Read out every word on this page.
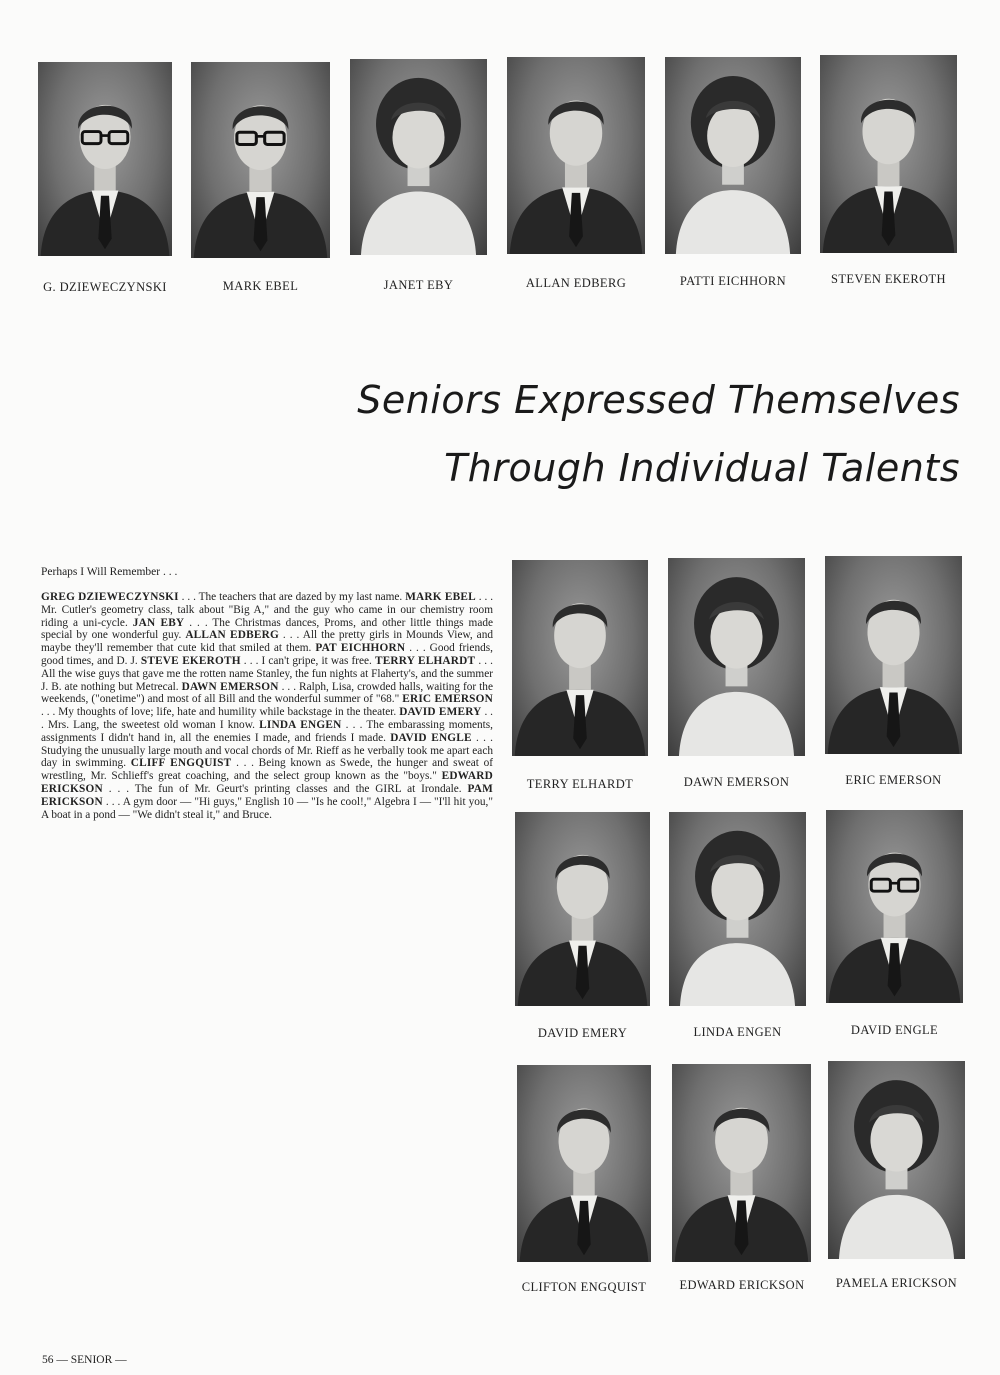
G. DZIEWECZYNSKI	MARK EBEL	JANET EBY	ALLAN EDBERG	PATTI EICHHORN	STEVEN EKEROTH
Seniors Expressed Themselves
Through Individual Talents
Perhaps I Will Remember . . .
GREG DZIEWECZYNSKI . . . The teachers that are dazed by my last name. MARK EBEL . . . Mr. Cutler's geometry class, talk about "Big A," and the guy who came in our chemistry room riding a uni-cycle. JAN EBY . . . The Christmas dances, Proms, and other little things made special by one wonderful guy. ALLAN EDBERG . . . All the pretty girls in Mounds View, and maybe they'll remember that cute kid that smiled at them. PAT EICHHORN . . . Good friends, good times, and D. J. STEVE EKEROTH . . . I can't gripe, it was free. TERRY ELHARDT . . . All the wise guys that gave me the rotten name Stanley, the fun nights at Flaherty's, and the summer J. B. ate nothing but Metrecal. DAWN EMERSON . . . Ralph, Lisa, crowded halls, waiting for the weekends, ("onetime") and most of all Bill and the wonderful summer of "68." ERIC EMERSON . . . My thoughts of love; life, hate and humility while backstage in the theater. DAVID EMERY . . . Mrs. Lang, the sweetest old woman I know. LINDA ENGEN . . . The embarassing moments, assignments I didn't hand in, all the enemies I made, and friends I made. DAVID ENGLE . . . Studying the unusually large mouth and vocal chords of Mr. Rieff as he verbally took me apart each day in swimming. CLIFF ENGQUIST . . . Being known as Swede, the hunger and sweat of wrestling, Mr. Schlieff's great coaching, and the select group known as the "boys." EDWARD ERICKSON . . . The fun of Mr. Geurt's printing classes and the GIRL at Irondale. PAM ERICKSON . . . A gym door — "Hi guys," English 10 — "Is he cool!," Algebra I — "I'll hit you," A boat in a pond — "We didn't steal it," and Bruce.
TERRY ELHARDT	DAWN EMERSON	ERIC EMERSON
DAVID EMERY	LINDA ENGEN	DAVID ENGLE
CLIFTON ENGQUIST	EDWARD ERICKSON	PAMELA ERICKSON
56 — SENIOR —
